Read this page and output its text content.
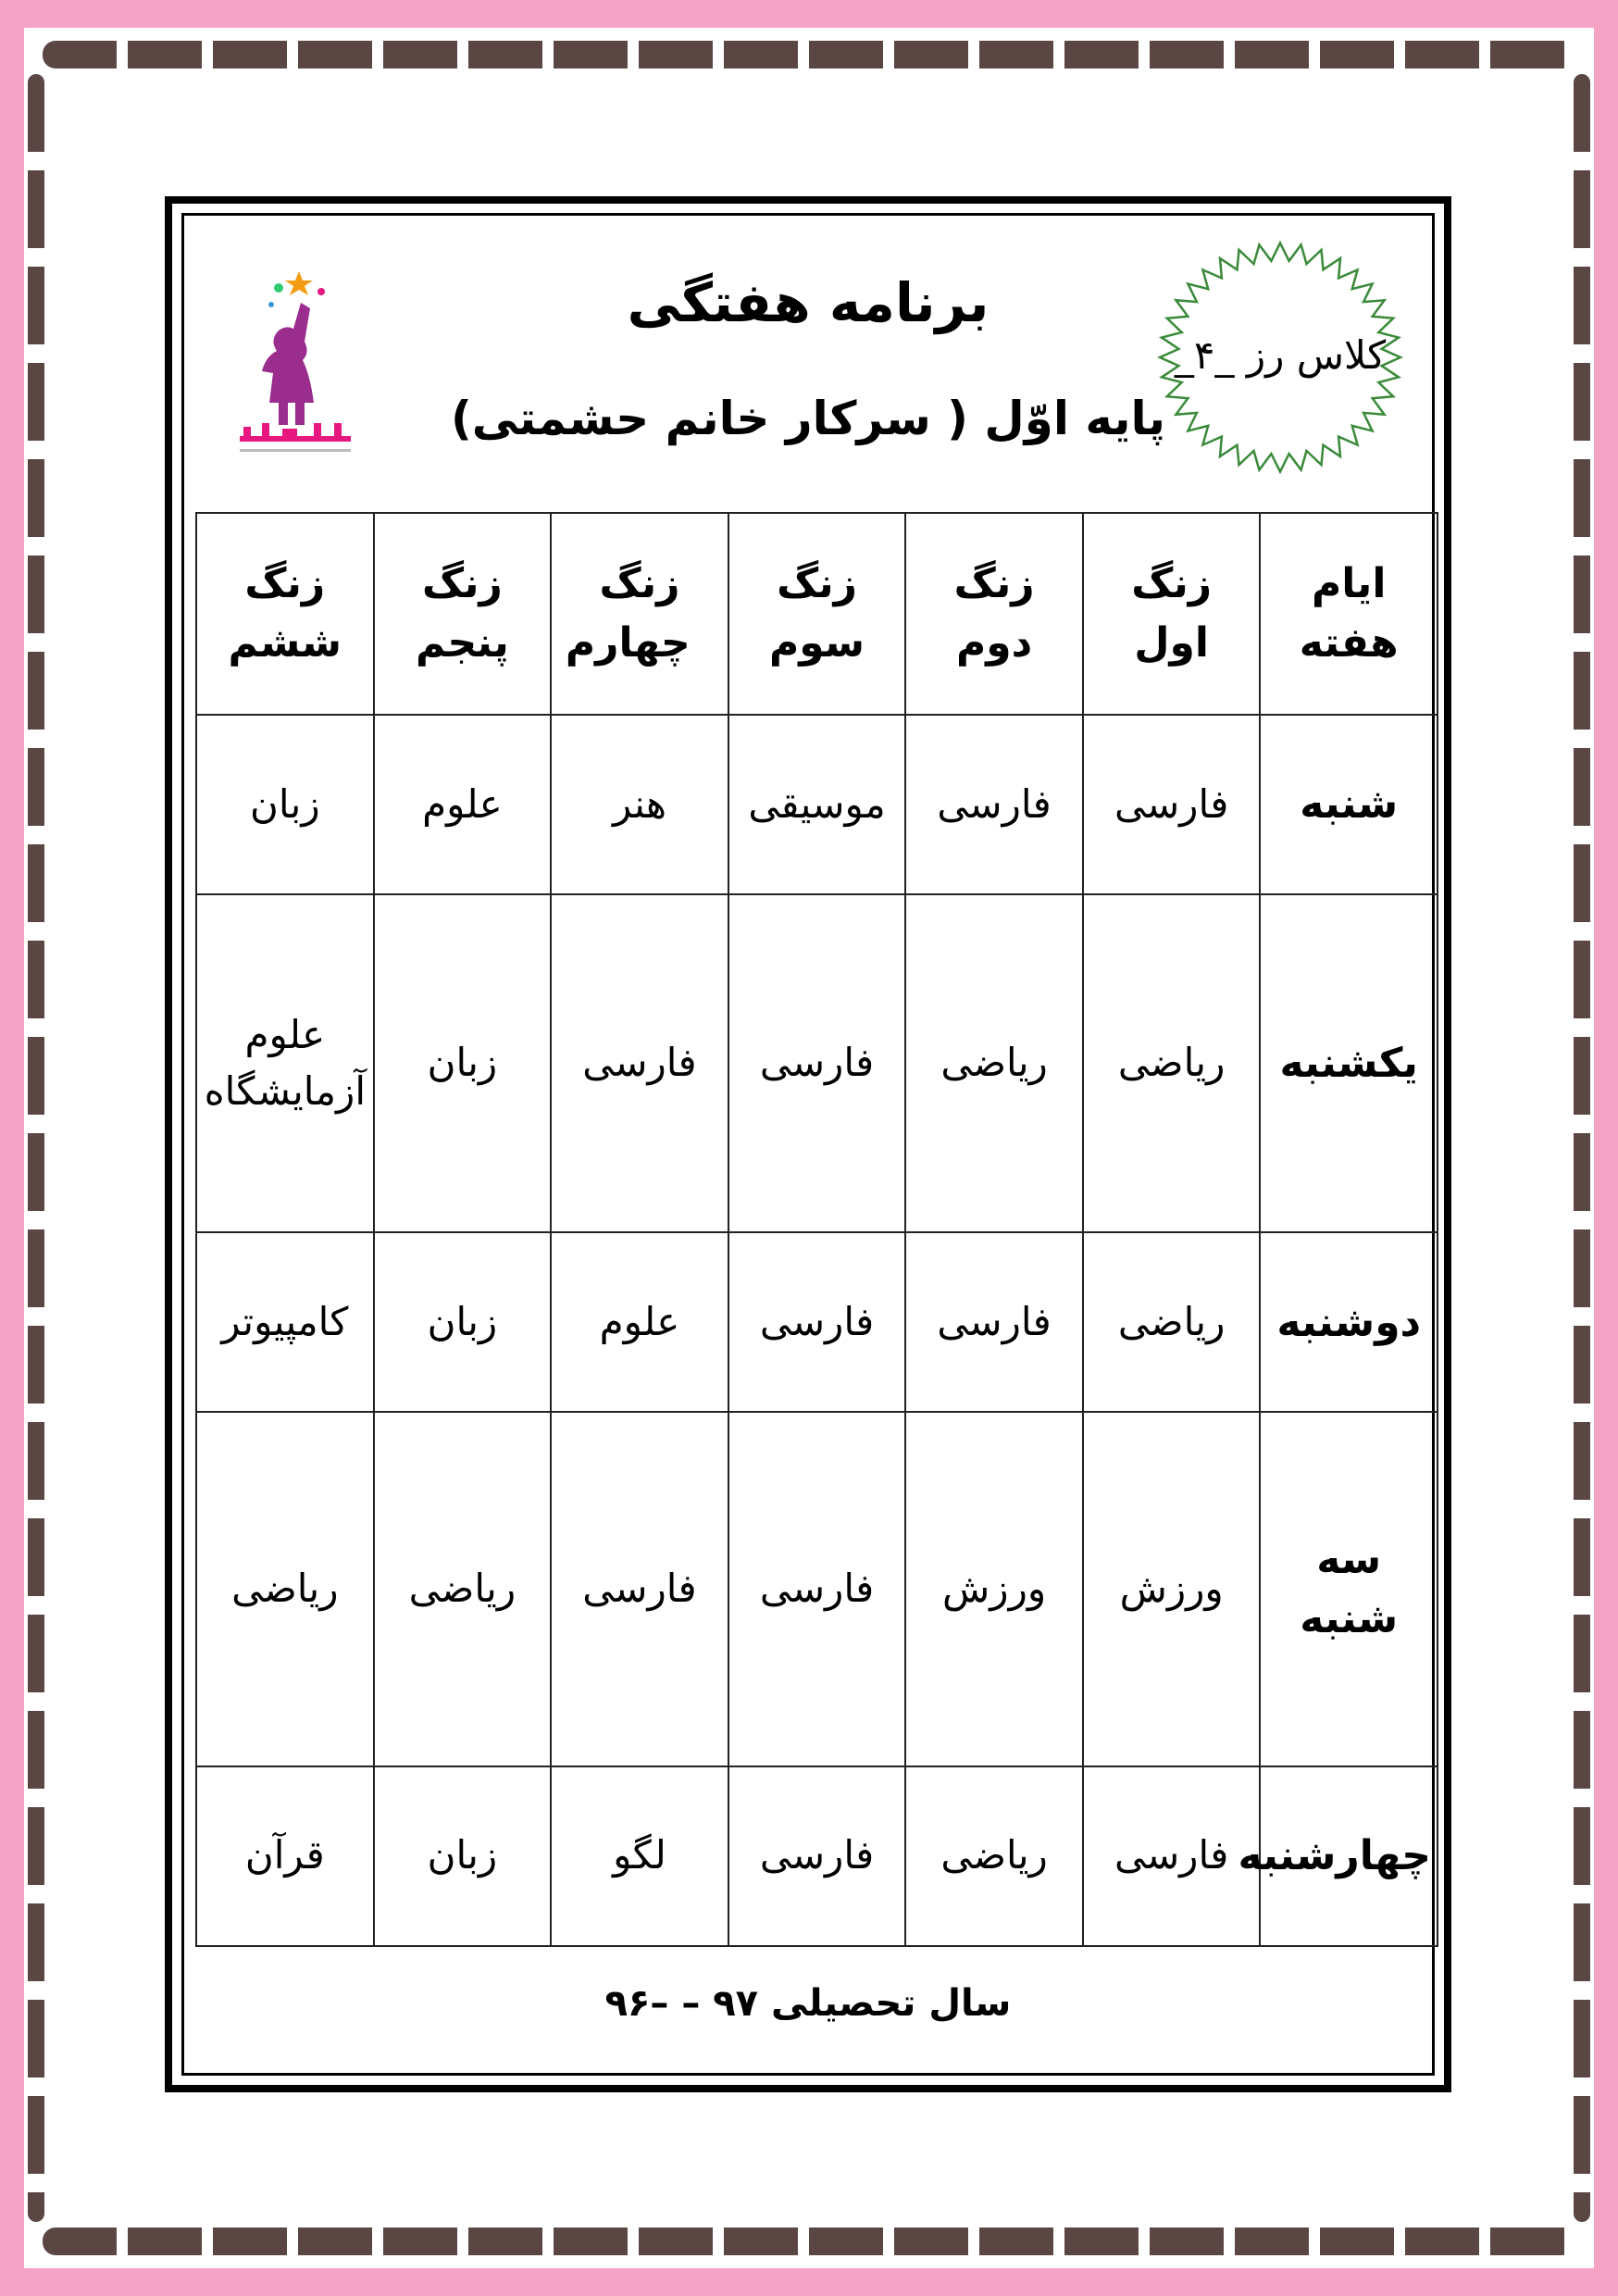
برنامه هفتگی
پایه اوّل ( سرکار خانم حشمتی)
کلاس رز _۴_
ایام هفته	زنگ اول	زنگ دوم	زنگ سوم	زنگ چهارم	زنگ پنجم	زنگ ششم
شنبه	فارسی	فارسی	موسیقی	هنر	علوم	زبان
یکشنبه	ریاضی	ریاضی	فارسی	فارسی	زبان	علوم آزمایشگاه
دوشنبه	ریاضی	فارسی	فارسی	علوم	زبان	کامپیوتر
سه شنبه	ورزش	ورزش	فارسی	فارسی	ریاضی	ریاضی
چهارشنبه	فارسی	ریاضی	فارسی	لگو	زبان	قرآن
سال تحصیلی ۹۷ – –۹۶
